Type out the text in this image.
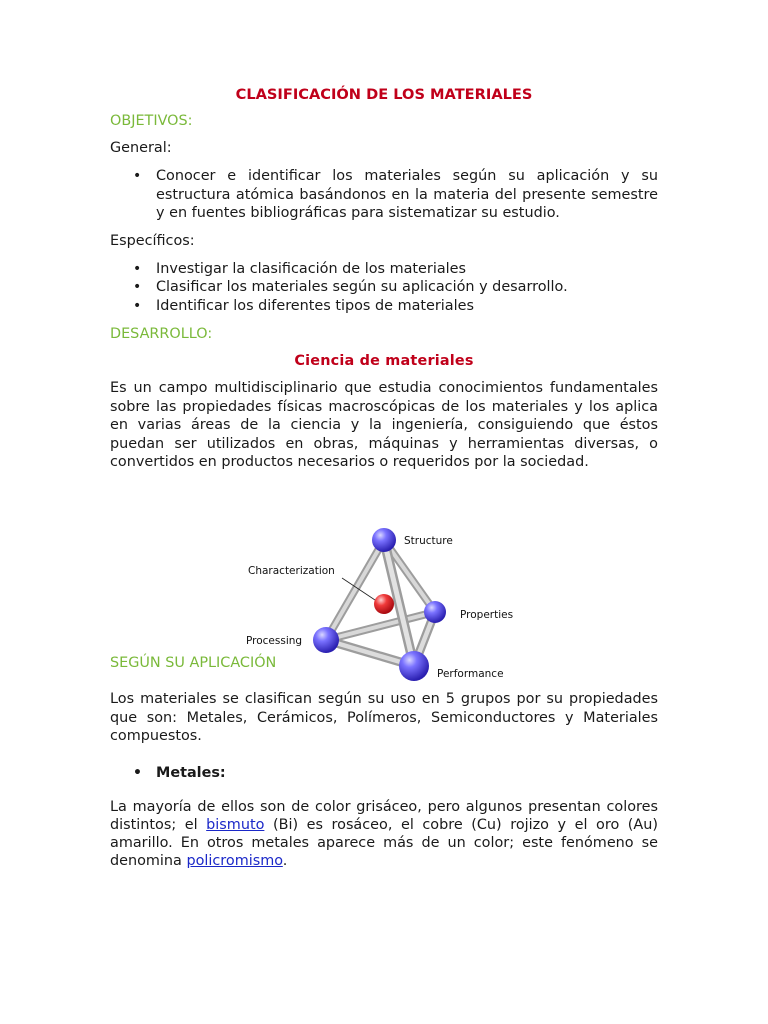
CLASIFICACIÓN DE LOS MATERIALES
OBJETIVOS:

General:

• Conocer e identificar los materiales según su aplicación y su estructura atómica basándonos en la materia del presente semestre y en fuentes bibliográficas para sistematizar su estudio.

Específicos:

• Investigar la clasificación de los materiales
• Clasificar los materiales según su aplicación y desarrollo.
• Identificar los diferentes tipos de materiales
DESARROLLO:
Ciencia de materiales

Es un campo multidisciplinario que estudia conocimientos fundamentales sobre las propiedades físicas macroscópicas de los materiales y los aplica en varias áreas de la ciencia y la ingeniería, consiguiendo que éstos puedan ser utilizados en obras, máquinas y herramientas diversas, o convertidos en productos necesarios o requeridos por la sociedad.

SEGÚN SU APLICACIÓN

Los materiales se clasifican según su uso en 5 grupos por su propiedades que son: Metales, Cerámicos, Polímeros, Semiconductores y Materiales compuestos.

• Metales:

La mayoría de ellos son de color grisáceo, pero algunos presentan colores distintos; el bismuto (Bi) es rosáceo, el cobre (Cu) rojizo y el oro (Au) amarillo. En otros metales aparece más de un color; este fenómeno se denomina policromismo.

Structure
Characterization
Properties
Processing
Performance
